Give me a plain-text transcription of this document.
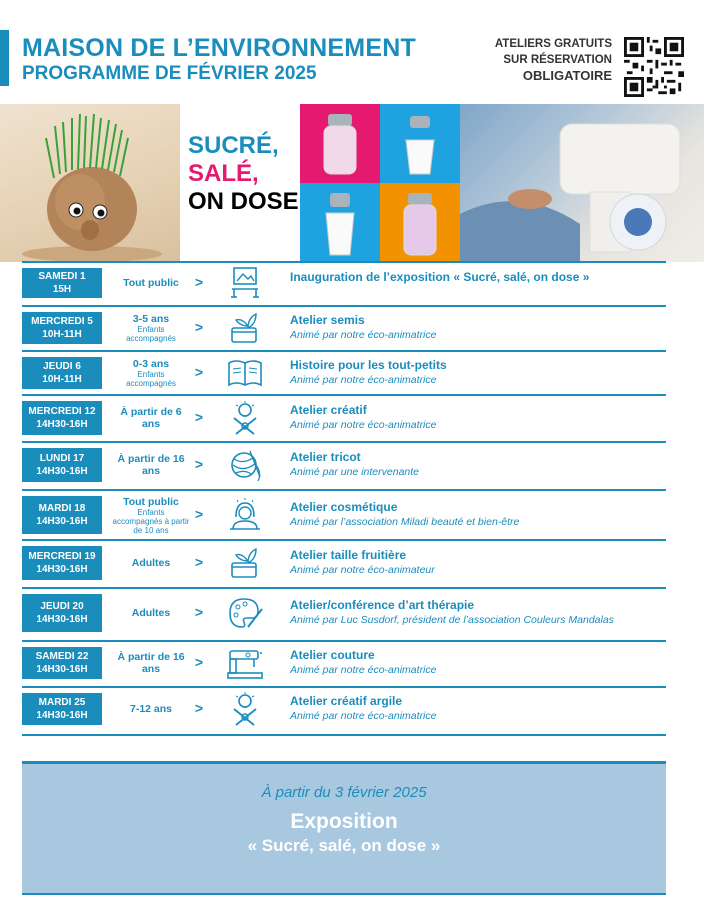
MAISON DE L’ENVIRONNEMENT
PROGRAMME DE FÉVRIER 2025
ATELIERS GRATUITS
SUR RÉSERVATION
OBLIGATOIRE
SUCRÉ,
SALÉ,
ON DOSE
SAMEDI 1
15H
Tout public	>	Inauguration de l’exposition « Sucré, salé, on dose »
MERCREDI 5
10H-11H
3-5 ans
Enfants accompagnés
>	Atelier semis
Animé par notre éco-animatrice
JEUDI 6
10H-11H
0-3 ans
Enfants accompagnés
>	Histoire pour les tout-petits
Animé par notre éco-animatrice
MERCREDI 12
14H30-16H
À partir de 6 ans	>	Atelier créatif
Animé par notre éco-animatrice
LUNDI 17
14H30-16H
À partir de 16 ans	>	Atelier tricot
Animé par une intervenante
MARDI 18
14H30-16H
Tout public
Enfants accompagnés à partir de 10 ans
>	Atelier cosmétique
Animé par l’association Miladi beauté et bien-être
MERCREDI 19
14H30-16H
Adultes	>	Atelier taille fruitière
Animé par notre éco-animateur
JEUDI 20
14H30-16H
Adultes	>	Atelier/conférence d’art thérapie
Animé par Luc Susdorf, président de l’association Couleurs Mandalas
SAMEDI 22
14H30-16H
À partir de 16 ans	>	Atelier couture
Animé par notre éco-animatrice
MARDI 25
14H30-16H
7-12 ans	>	Atelier créatif argile
Animé par notre éco-animatrice
À partir du 3 février 2025
Exposition
« Sucré, salé, on dose »
